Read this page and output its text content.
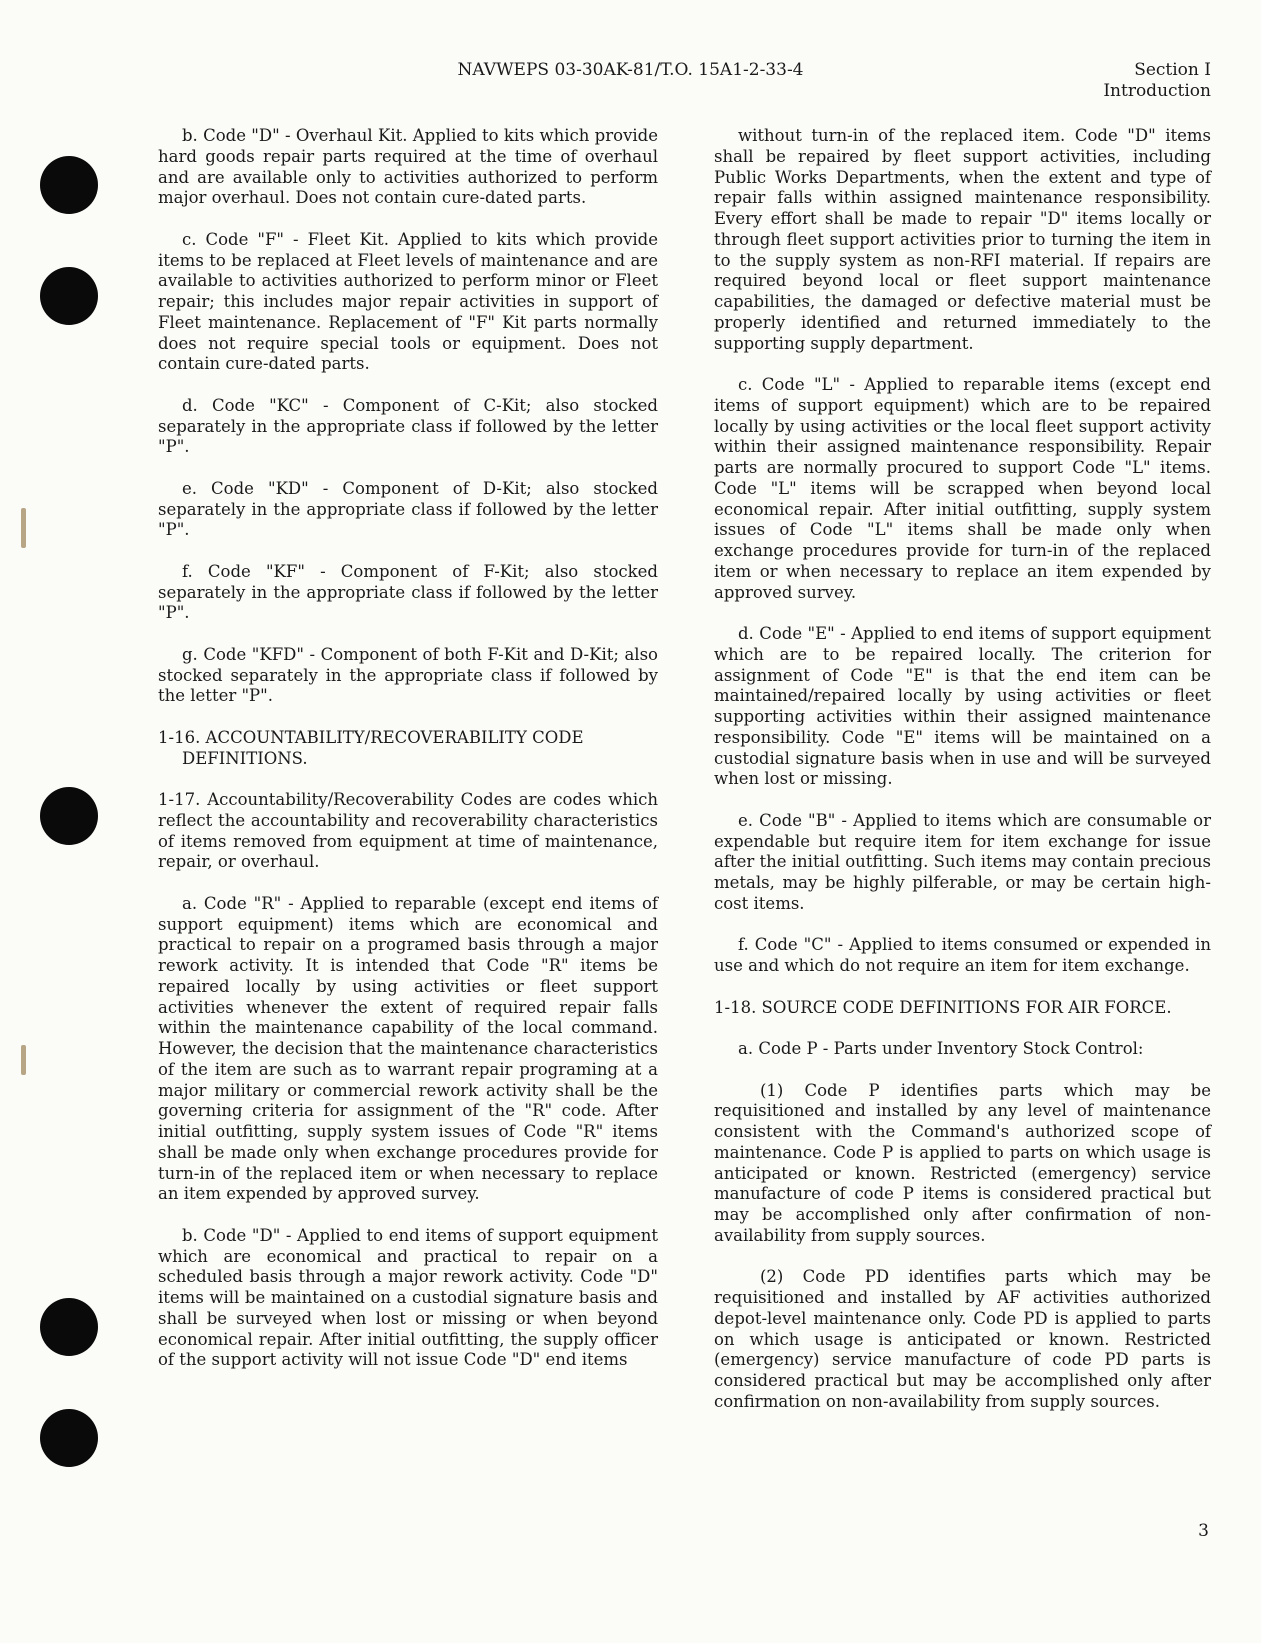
NAVWEPS 03-30AK-81/T.O. 15A1-2-33-4	Section I
Introduction

b. Code "D" - Overhaul Kit. Applied to kits which provide hard goods repair parts required at the time of overhaul and are available only to activities authorized to perform major overhaul. Does not contain cure-dated parts.

c. Code "F" - Fleet Kit. Applied to kits which provide items to be replaced at Fleet levels of maintenance and are available to activities authorized to perform minor or Fleet repair; this includes major repair activities in support of Fleet maintenance. Replacement of "F" Kit parts normally does not require special tools or equipment. Does not contain cure-dated parts.

d. Code "KC" - Component of C-Kit; also stocked separately in the appropriate class if followed by the letter "P".

e. Code "KD" - Component of D-Kit; also stocked separately in the appropriate class if followed by the letter "P".

f. Code "KF" - Component of F-Kit; also stocked separately in the appropriate class if followed by the letter "P".

g. Code "KFD" - Component of both F-Kit and D-Kit; also stocked separately in the appropriate class if followed by the letter "P".

1-16. ACCOUNTABILITY/RECOVERABILITY CODE DEFINITIONS.

1-17. Accountability/Recoverability Codes are codes which reflect the accountability and recoverability characteristics of items removed from equipment at time of maintenance, repair, or overhaul.

a. Code "R" - Applied to reparable (except end items of support equipment) items which are economical and practical to repair on a programed basis through a major rework activity. It is intended that Code "R" items be repaired locally by using activities or fleet support activities whenever the extent of required repair falls within the maintenance capability of the local command. However, the decision that the maintenance characteristics of the item are such as to warrant repair programing at a major military or commercial rework activity shall be the governing criteria for assignment of the "R" code. After initial outfitting, supply system issues of Code "R" items shall be made only when exchange procedures provide for turn-in of the replaced item or when necessary to replace an item expended by approved survey.

b. Code "D" - Applied to end items of support equipment which are economical and practical to repair on a scheduled basis through a major rework activity. Code "D" items will be maintained on a custodial signature basis and shall be surveyed when lost or missing or when beyond economical repair. After initial outfitting, the supply officer of the support activity will not issue Code "D" end items

without turn-in of the replaced item. Code "D" items shall be repaired by fleet support activities, including Public Works Departments, when the extent and type of repair falls within assigned maintenance responsibility. Every effort shall be made to repair "D" items locally or through fleet support activities prior to turning the item in to the supply system as non-RFI material. If repairs are required beyond local or fleet support maintenance capabilities, the damaged or defective material must be properly identified and returned immediately to the supporting supply department.

c. Code "L" - Applied to reparable items (except end items of support equipment) which are to be repaired locally by using activities or the local fleet support activity within their assigned maintenance responsibility. Repair parts are normally procured to support Code "L" items. Code "L" items will be scrapped when beyond local economical repair. After initial outfitting, supply system issues of Code "L" items shall be made only when exchange procedures provide for turn-in of the replaced item or when necessary to replace an item expended by approved survey.

d. Code "E" - Applied to end items of support equipment which are to be repaired locally. The criterion for assignment of Code "E" is that the end item can be maintained/repaired locally by using activities or fleet supporting activities within their assigned maintenance responsibility. Code "E" items will be maintained on a custodial signature basis when in use and will be surveyed when lost or missing.

e. Code "B" - Applied to items which are consumable or expendable but require item for item exchange for issue after the initial outfitting. Such items may contain precious metals, may be highly pilferable, or may be certain high-cost items.

f. Code "C" - Applied to items consumed or expended in use and which do not require an item for item exchange.

1-18. SOURCE CODE DEFINITIONS FOR AIR FORCE.

a. Code P - Parts under Inventory Stock Control:

(1) Code P identifies parts which may be requisitioned and installed by any level of maintenance consistent with the Command's authorized scope of maintenance. Code P is applied to parts on which usage is anticipated or known. Restricted (emergency) service manufacture of code P items is considered practical but may be accomplished only after confirmation of non-availability from supply sources.

(2) Code PD identifies parts which may be requisitioned and installed by AF activities authorized depot-level maintenance only. Code PD is applied to parts on which usage is anticipated or known. Restricted (emergency) service manufacture of code PD parts is considered practical but may be accomplished only after confirmation on non-availability from supply sources.

3
